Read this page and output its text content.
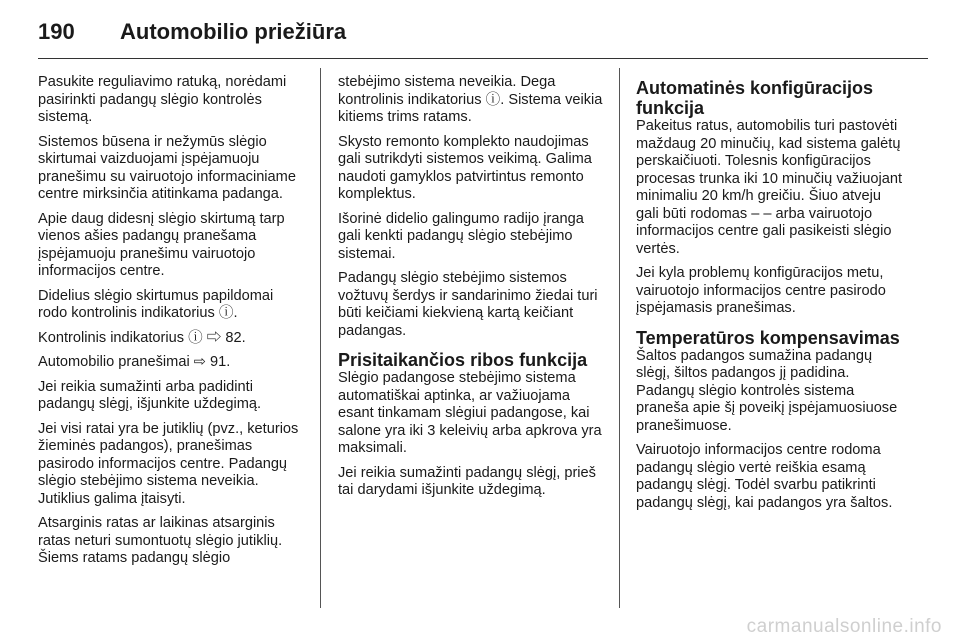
190	Automobilio priežiūra

Pasukite reguliavimo ratuką, norėdami pasirinkti padangų slėgio kontrolės sistemą.

Sistemos būsena ir nežymūs slėgio skirtumai vaizduojami įspėjamuoju pranešimu su vairuotojo informaciniame centre mirksinčia atitinkama padanga.

Apie daug didesnį slėgio skirtumą tarp vienos ašies padangų pranešama įspėjamuoju pranešimu vairuotojo informacijos centre.

Didelius slėgio skirtumus papildomai rodo kontrolinis indikatorius ⓘ.

Kontrolinis indikatorius ⓘ ⇨ 82.

Automobilio pranešimai ⇨ 91.

Jei reikia sumažinti arba padidinti padangų slėgį, išjunkite uždegimą.

Jei visi ratai yra be jutiklių (pvz., keturios žieminės padangos), pranešimas pasirodo informacijos centre. Padangų slėgio stebėjimo sistema neveikia. Jutiklius galima įtaisyti.

Atsarginis ratas ar laikinas atsarginis ratas neturi sumontuotų slėgio jutiklių. Šiems ratams padangų slėgio

stebėjimo sistema neveikia. Dega kontrolinis indikatorius ⓘ. Sistema veikia kitiems trims ratams.

Skysto remonto komplekto naudojimas gali sutrikdyti sistemos veikimą. Galima naudoti gamyklos patvirtintus remonto komplektus.

Išorinė didelio galingumo radijo įranga gali kenkti padangų slėgio stebėjimo sistemai.

Padangų slėgio stebėjimo sistemos vožtuvų šerdys ir sandarinimo žiedai turi būti keičiami kiekvieną kartą keičiant padangas.

Prisitaikančios ribos funkcija

Slėgio padangose stebėjimo sistema automatiškai aptinka, ar važiuojama esant tinkamam slėgiui padangose, kai salone yra iki 3 keleivių arba apkrova yra maksimali.

Jei reikia sumažinti padangų slėgį, prieš tai darydami išjunkite uždegimą.

Automatinės konfigūracijos funkcija

Pakeitus ratus, automobilis turi pastovėti maždaug 20 minučių, kad sistema galėtų perskaičiuoti. Tolesnis konfigūracijos procesas trunka iki 10 minučių važiuojant minimaliu 20 km/h greičiu. Šiuo atveju gali būti rodomas ‒ ‒ arba vairuotojo informacijos centre gali pasikeisti slėgio vertės.

Jei kyla problemų konfigūracijos metu, vairuotojo informacijos centre pasirodo įspėjamasis pranešimas.

Temperatūros kompensavimas

Šaltos padangos sumažina padangų slėgį, šiltos padangos jį padidina. Padangų slėgio kontrolės sistema praneša apie šį poveikį įspėjamuosiuose pranešimuose.

Vairuotojo informacijos centre rodoma padangų slėgio vertė reiškia esamą padangų slėgį. Todėl svarbu patikrinti padangų slėgį, kai padangos yra šaltos.

carmanualsonline.info
